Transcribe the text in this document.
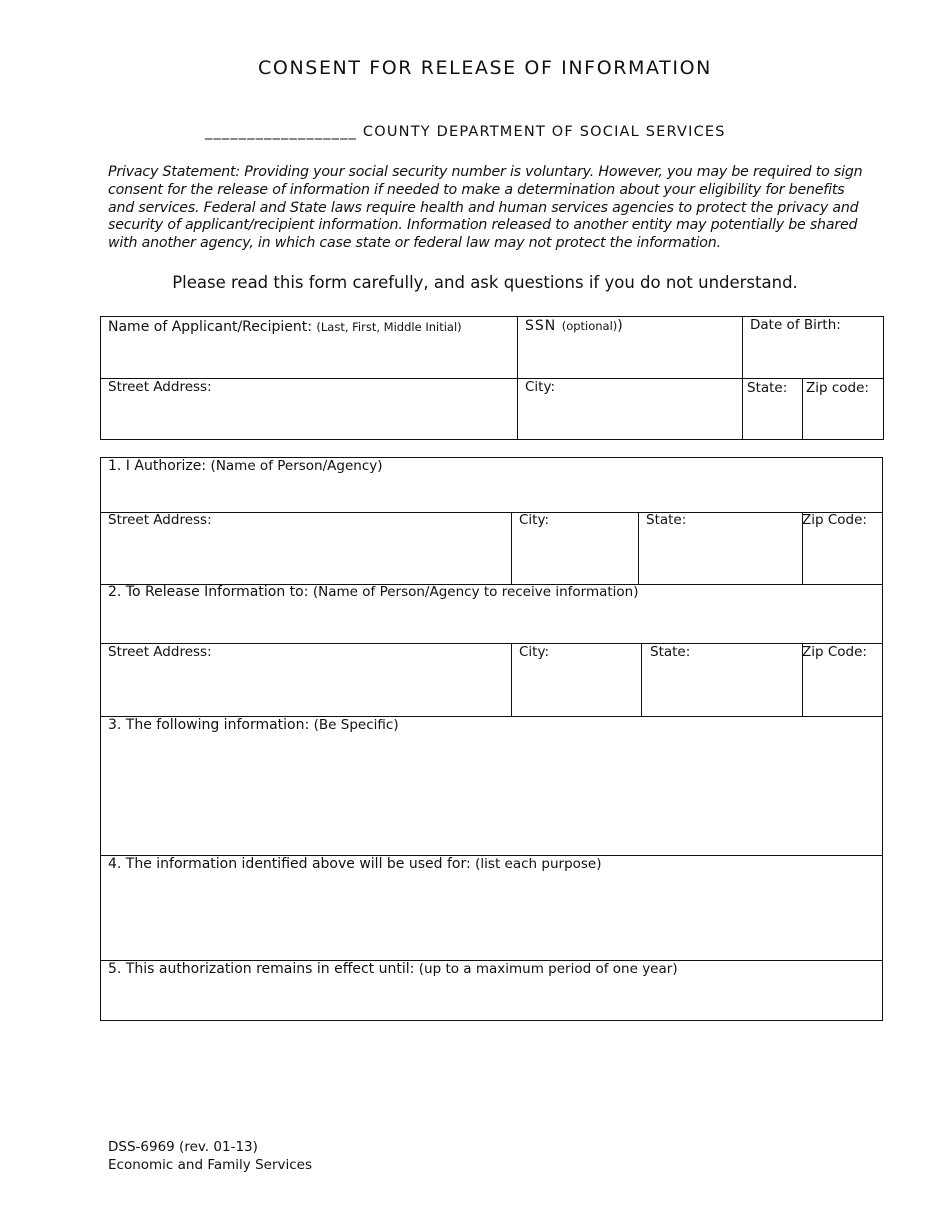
CONSENT FOR RELEASE OF INFORMATION
__________________ COUNTY DEPARTMENT OF SOCIAL SERVICES
Privacy Statement: Providing your social security number is voluntary. However, you may be required to sign consent for the release of information if needed to make a determination about your eligibility for benefits and services. Federal and State laws require health and human services agencies to protect the privacy and security of applicant/recipient information. Information released to another entity may potentially be shared with another agency, in which case state or federal law may not protect the information.
Please read this form carefully, and ask questions if you do not understand.
Name of Applicant/Recipient: (Last, First, Middle Initial)	SSN (optional))	Date of Birth:
Street Address:	City:	State: Zip code:
1. I Authorize: (Name of Person/Agency)
Street Address:	City:	State:	Zip Code:
2. To Release Information to: (Name of Person/Agency to receive information)
Street Address:	City:	State:	Zip Code:
3. The following information: (Be Specific)
4. The information identified above will be used for: (list each purpose)
5. This authorization remains in effect until: (up to a maximum period of one year)
DSS-6969 (rev. 01-13)
Economic and Family Services
